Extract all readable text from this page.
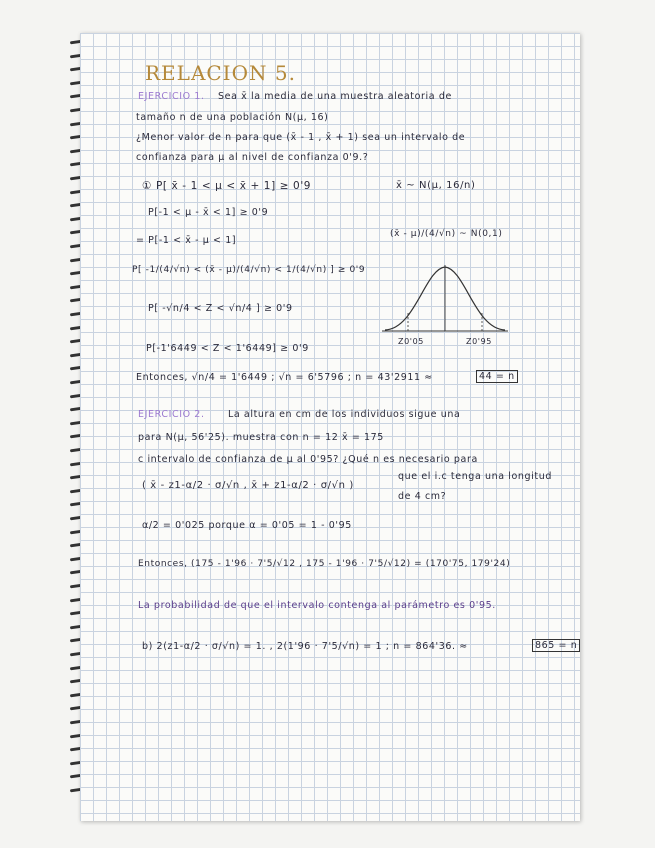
RELACION 5.
EJERCICIO 1. Sea x̄ la media de una muestra aleatoria de
tamaño n de una población N(μ, 16)
¿Menor valor de n para que (x̄ - 1 , x̄ + 1) sea un intervalo de
confianza para μ al nivel de confianza 0'9.?
① P[ x̄ - 1 < μ < x̄ + 1] ≥ 0'9	x̄ ~ N(μ, 16/n)
P[-1 < μ - x̄ < 1] ≥ 0'9
= P[-1 < x̄ - μ < 1]
(x̄ - μ)/(4/√n) ~ N(0,1)
P[ -1/(4/√n) < (x̄ - μ)/(4/√n) < 1/(4/√n) ] ≥ 0'9
P[ -√n/4 < Z < √n/4 ] ≥ 0'9
P[-1'6449 < Z < 1'6449] ≥ 0'9
Z0'05	Z0'95
Entonces, √n/4 = 1'6449 ; √n = 6'5796 ; n = 43'2911 ≈	44 = n
EJERCICIO 2. La altura en cm de los individuos sigue una
para N(μ, 56'25). muestra con n = 12 x̄ = 175
c intervalo de confianza de μ al 0'95? ¿Qué n es necesario para
que el i.c tenga una longitud
de 4 cm?
( x̄ - z1-α/2 · σ/√n , x̄ + z1-α/2 · σ/√n )
α/2 = 0'025 porque α = 0'05 = 1 - 0'95
Entonces, (175 - 1'96 · 7'5/√12 , 175 - 1'96 · 7'5/√12) = (170'75, 179'24)
La probabilidad de que el intervalo contenga al parámetro es 0'95.
b) 2(z1-α/2 · σ/√n) = 1. , 2(1'96 · 7'5/√n) = 1 ; n = 864'36. ≈	865 = n
